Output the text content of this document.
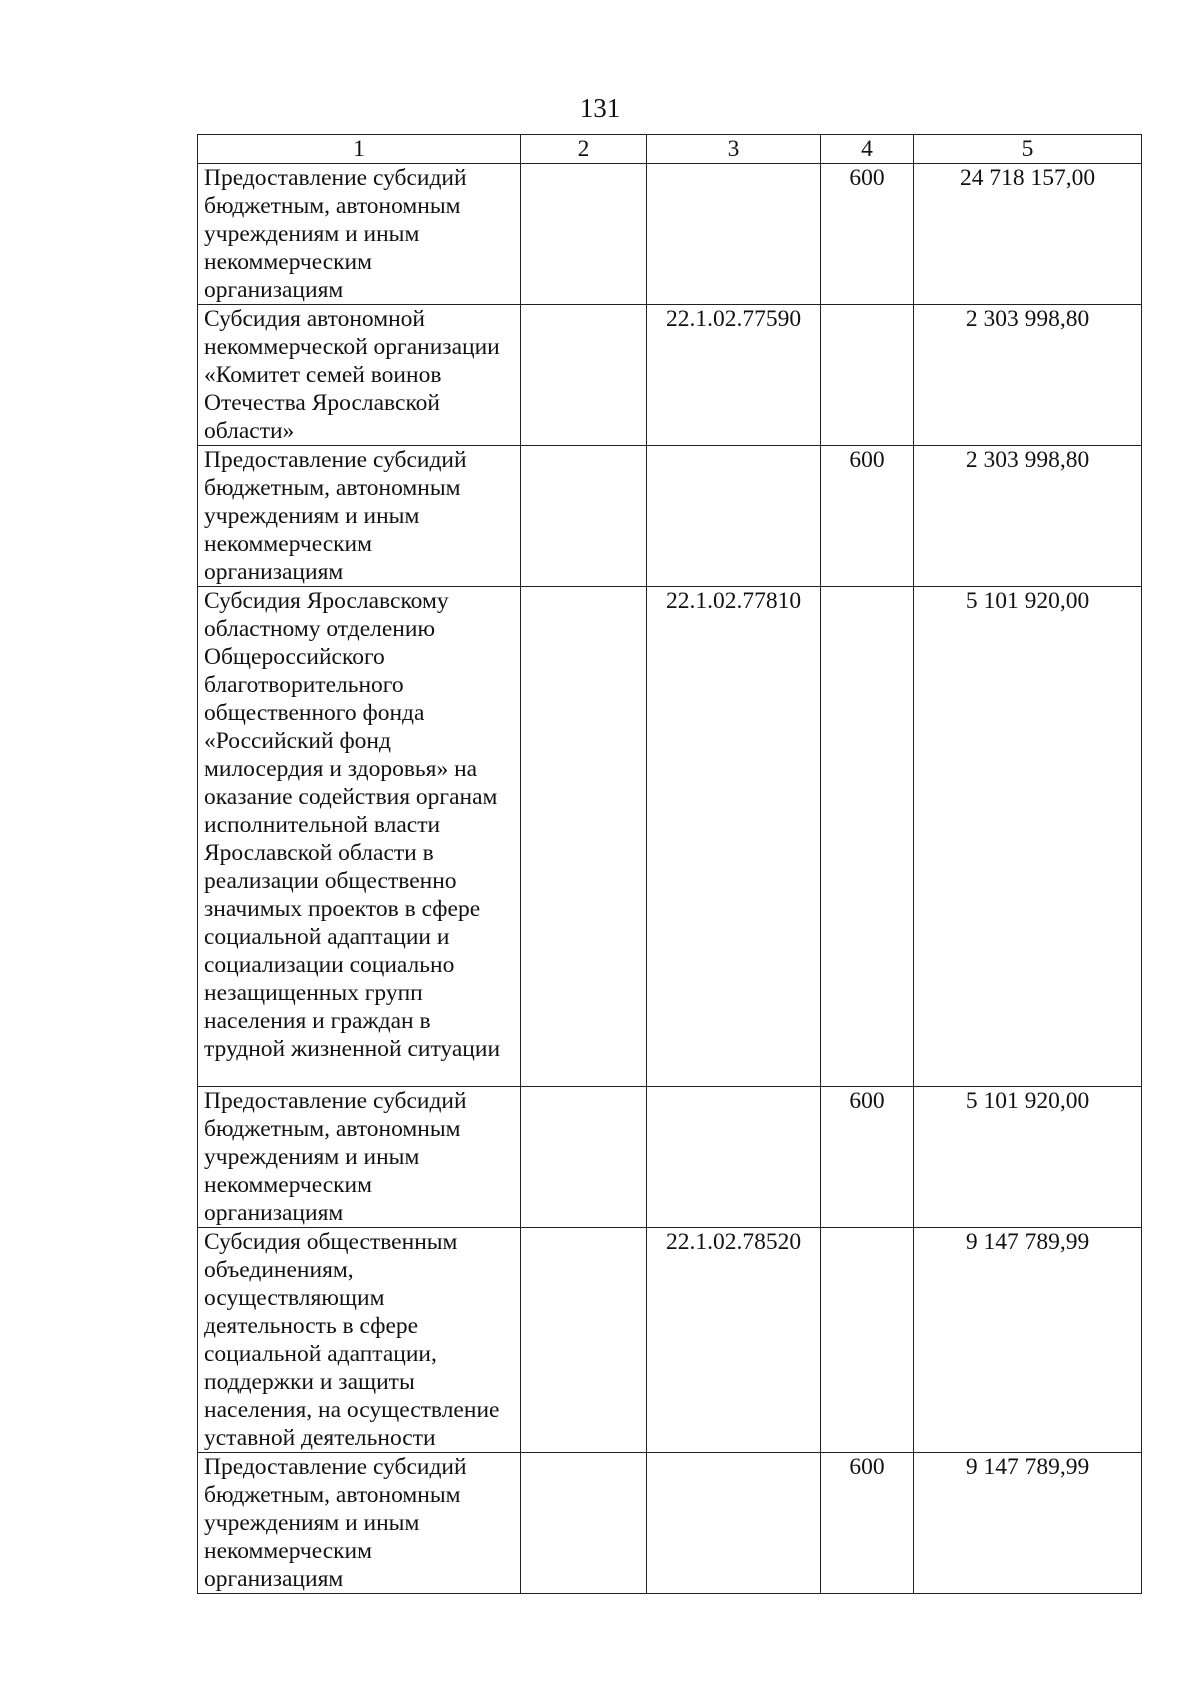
131
1	2	3	4	5
Предоставление субсидий бюджетным, автономным учреждениям и иным некоммерческим организациям			600	24 718 157,00
Субсидия автономной некоммерческой организации «Комитет семей воинов Отечества Ярославской области»		22.1.02.77590		2 303 998,80
Предоставление субсидий бюджетным, автономным учреждениям и иным некоммерческим организациям			600	2 303 998,80
Субсидия Ярославскому областному отделению Общероссийского благотворительного общественного фонда «Российский фонд милосердия и здоровья» на оказание содействия органам исполнительной власти Ярославской области в реализации общественно значимых проектов в сфере социальной адаптации и социализации социально незащищенных групп населения и граждан в трудной жизненной ситуации		22.1.02.77810		5 101 920,00
Предоставление субсидий бюджетным, автономным учреждениям и иным некоммерческим организациям			600	5 101 920,00
Субсидия общественным объединениям, осуществляющим деятельность в сфере социальной адаптации, поддержки и защиты населения, на осуществление уставной деятельности		22.1.02.78520		9 147 789,99
Предоставление субсидий бюджетным, автономным учреждениям и иным некоммерческим организациям			600	9 147 789,99
